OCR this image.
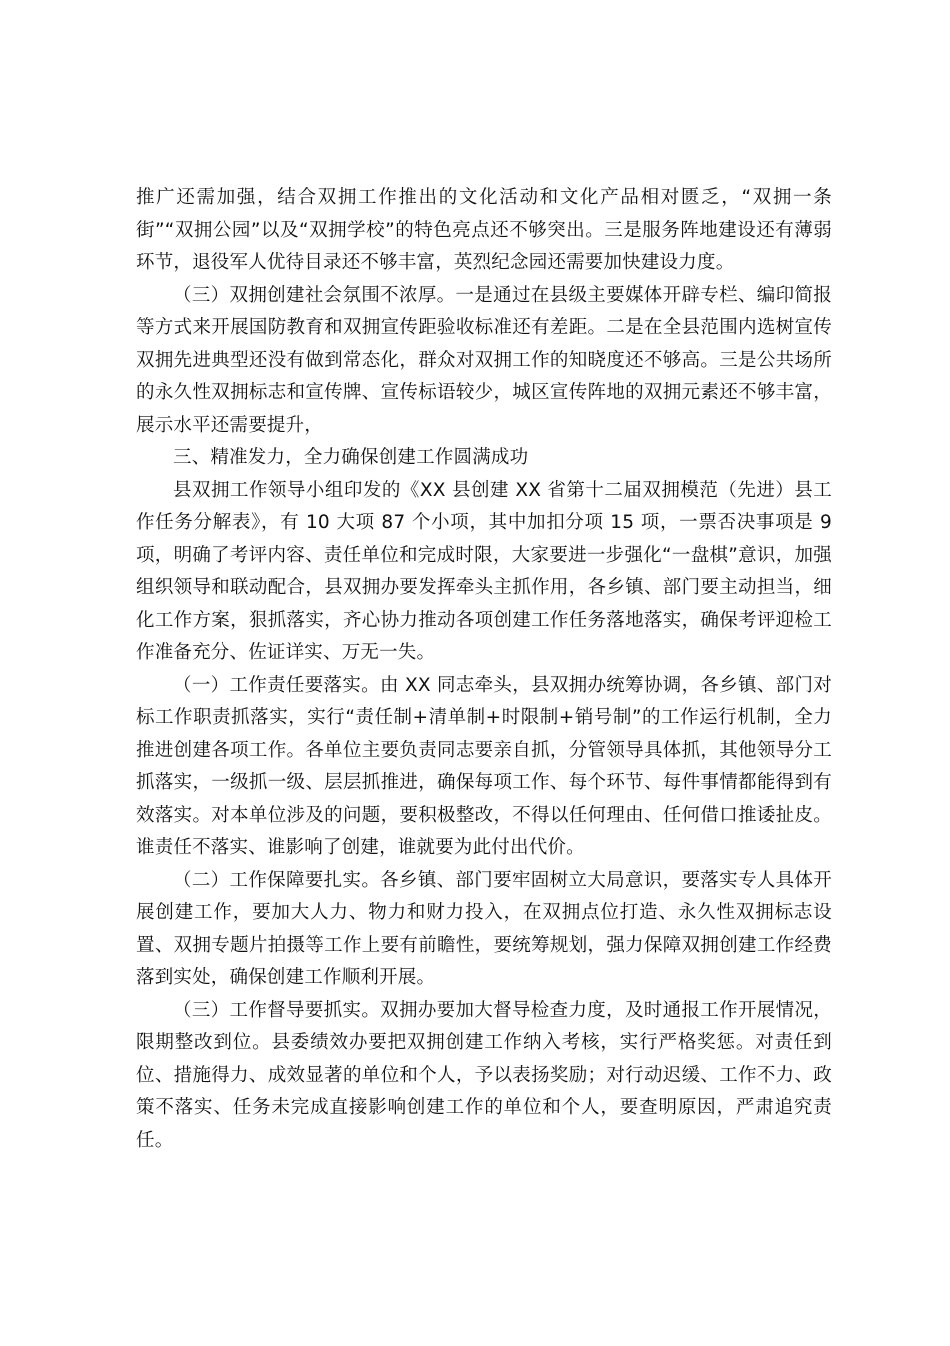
推广还需加强，结合双拥工作推出的文化活动和文化产品相对匮乏，“双拥一条街”“双拥公园”以及“双拥学校”的特色亮点还不够突出。三是服务阵地建设还有薄弱环节，退役军人优待目录还不够丰富，英烈纪念园还需要加快建设力度。

（三）双拥创建社会氛围不浓厚。一是通过在县级主要媒体开辟专栏、编印简报等方式来开展国防教育和双拥宣传距验收标准还有差距。二是在全县范围内选树宣传双拥先进典型还没有做到常态化，群众对双拥工作的知晓度还不够高。三是公共场所的永久性双拥标志和宣传牌、宣传标语较少，城区宣传阵地的双拥元素还不够丰富，展示水平还需要提升，

三、精准发力，全力确保创建工作圆满成功

县双拥工作领导小组印发的《XX 县创建 XX 省第十二届双拥模范（先进）县工作任务分解表》，有 10 大项 87 个小项，其中加扣分项 15 项，一票否决事项是 9 项，明确了考评内容、责任单位和完成时限，大家要进一步强化“一盘棋”意识，加强组织领导和联动配合，县双拥办要发挥牵头主抓作用，各乡镇、部门要主动担当，细化工作方案，狠抓落实，齐心协力推动各项创建工作任务落地落实，确保考评迎检工作准备充分、佐证详实、万无一失。

（一）工作责任要落实。由 XX 同志牵头，县双拥办统筹协调，各乡镇、部门对标工作职责抓落实，实行“责任制+清单制+时限制+销号制”的工作运行机制，全力推进创建各项工作。各单位主要负责同志要亲自抓，分管领导具体抓，其他领导分工抓落实，一级抓一级、层层抓推进，确保每项工作、每个环节、每件事情都能得到有效落实。对本单位涉及的问题，要积极整改，不得以任何理由、任何借口推诿扯皮。谁责任不落实、谁影响了创建，谁就要为此付出代价。

（二）工作保障要扎实。各乡镇、部门要牢固树立大局意识，要落实专人具体开展创建工作，要加大人力、物力和财力投入，在双拥点位打造、永久性双拥标志设置、双拥专题片拍摄等工作上要有前瞻性，要统筹规划，强力保障双拥创建工作经费落到实处，确保创建工作顺利开展。

（三）工作督导要抓实。双拥办要加大督导检查力度，及时通报工作开展情况，限期整改到位。县委绩效办要把双拥创建工作纳入考核，实行严格奖惩。对责任到位、措施得力、成效显著的单位和个人，予以表扬奖励；对行动迟缓、工作不力、政策不落实、任务未完成直接影响创建工作的单位和个人，要查明原因，严肃追究责任。
